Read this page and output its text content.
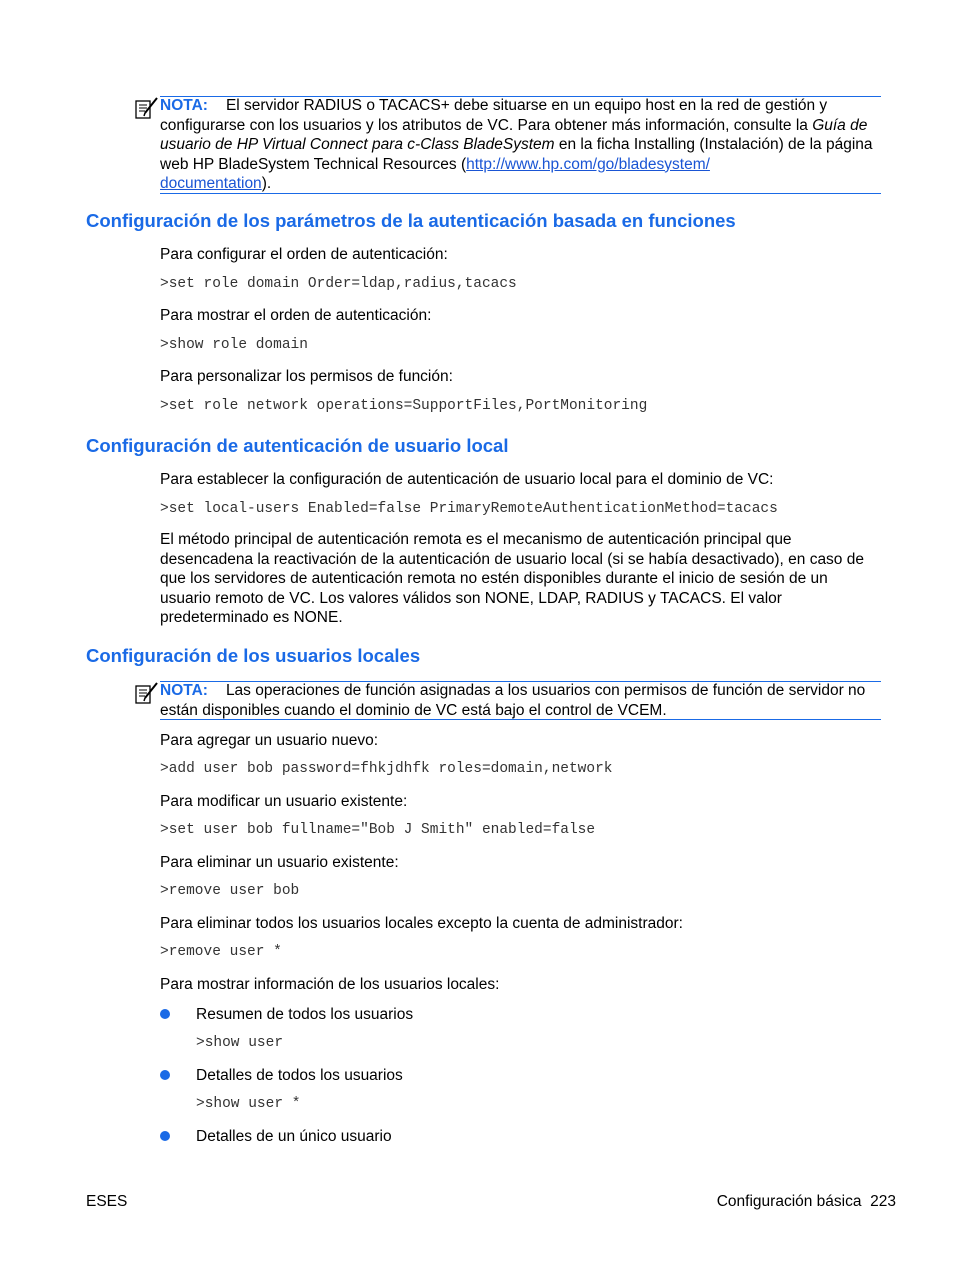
NOTA: El servidor RADIUS o TACACS+ debe situarse en un equipo host en la red de gestión y configurarse con los usuarios y los atributos de VC. Para obtener más información, consulte la Guía de usuario de HP Virtual Connect para c-Class BladeSystem en la ficha Installing (Instalación) de la página web HP BladeSystem Technical Resources (http://www.hp.com/go/bladesystem/
documentation).
Configuración de los parámetros de la autenticación basada en funciones
Para configurar el orden de autenticación:
>set role domain Order=ldap,radius,tacacs
Para mostrar el orden de autenticación:
>show role domain
Para personalizar los permisos de función:
>set role network operations=SupportFiles,PortMonitoring
Configuración de autenticación de usuario local
Para establecer la configuración de autenticación de usuario local para el dominio de VC:
>set local-users Enabled=false PrimaryRemoteAuthenticationMethod=tacacs
El método principal de autenticación remota es el mecanismo de autenticación principal que desencadena la reactivación de la autenticación de usuario local (si se había desactivado), en caso de que los servidores de autenticación remota no estén disponibles durante el inicio de sesión de un usuario remoto de VC. Los valores válidos son NONE, LDAP, RADIUS y TACACS. El valor predeterminado es NONE.
Configuración de los usuarios locales
NOTA: Las operaciones de función asignadas a los usuarios con permisos de función de servidor no están disponibles cuando el dominio de VC está bajo el control de VCEM.
Para agregar un usuario nuevo:
>add user bob password=fhkjdhfk roles=domain,network
Para modificar un usuario existente:
>set user bob fullname="Bob J Smith" enabled=false
Para eliminar un usuario existente:
>remove user bob
Para eliminar todos los usuarios locales excepto la cuenta de administrador:
>remove user *
Para mostrar información de los usuarios locales:
Resumen de todos los usuarios
>show user
Detalles de todos los usuarios
>show user *
Detalles de un único usuario
ESES	Configuración básica 223
